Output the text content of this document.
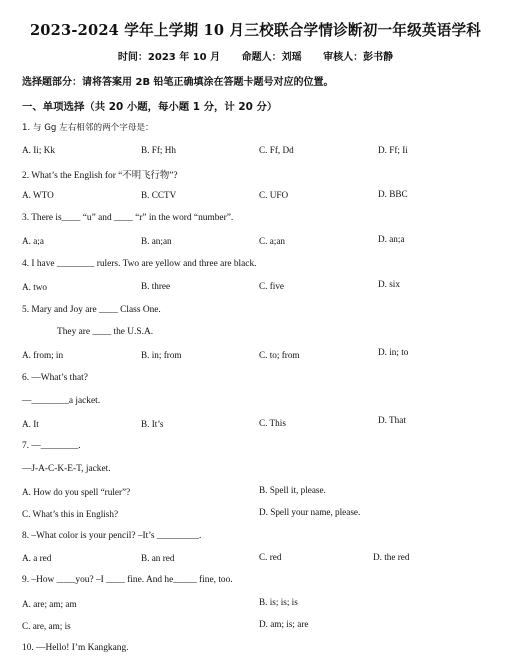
2023-2024 学年上学期 10 月三校联合学情诊断初一年级英语学科
时间：2023 年 10 月 命题人：刘瑶 审核人：彭书静
选择题部分：请将答案用 2B 铅笔正确填涂在答题卡题号对应的位置。
一、单项选择（共 20 小题，每小题 1 分，计 20 分）
1. 与 Gg 左右相邻的两个字母是：
A. Ii; Kk	B. Ff; Hh	C. Ff, Dd	D. Ff; Ii
2. What’s the English for “不明飞行物”?
A. WTO	B. CCTV	C. UFO	D. BBC
3. There is____ “u” and ____ “r” in the word “number”.
A. a;a	B. an;an	C. a;an	D. an;a
4. I have ________ rulers. Two are yellow and three are black.
A. two	B. three	C. five	D. six
5. Mary and Joy are ____ Class One.
They are ____ the U.S.A.
A. from; in	B. in; from	C. to; from	D. in; to
6. —What’s that?
—________a jacket.
A. It	B. It’s	C. This	D. That
7. —________.
—J-A-C-K-E-T, jacket.
A. How do you spell “ruler”?	B. Spell it, please.
C. What’s this in English?	D. Spell your name, please.
8. –What color is your pencil? –It’s _________.
A. a red	B. an red	C. red	D. the red
9. –How ____you? –I ____ fine. And he_____ fine, too.
A. are; am; am	B. is; is; is
C. are, am; is	D. am; is; are
10. —Hello! I’m Kangkang.
